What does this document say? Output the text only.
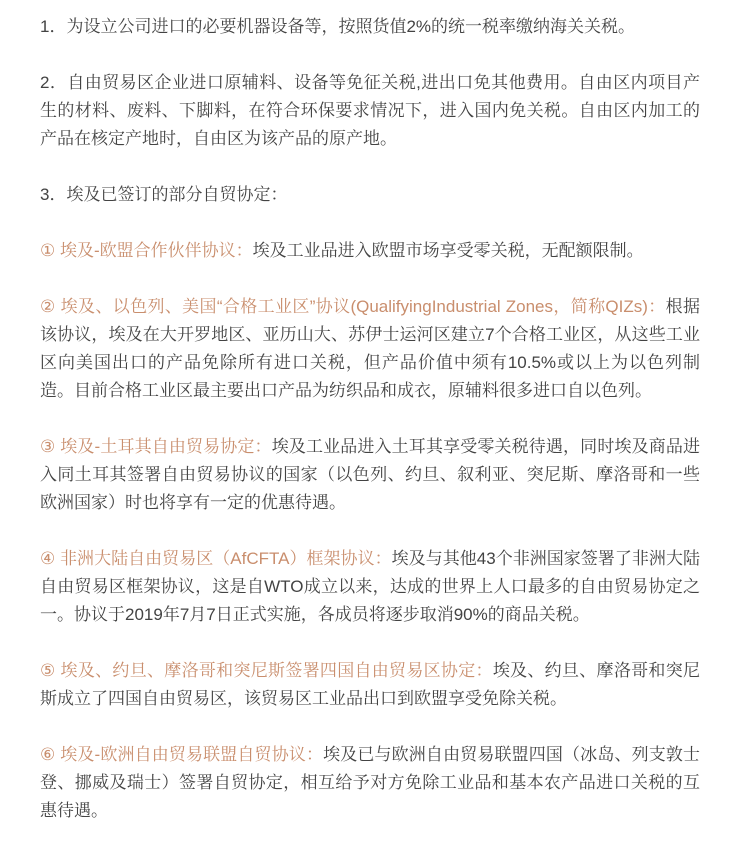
1．为设立公司进口的必要机器设备等，按照货值2%的统一税率缴纳海关关税。

2．自由贸易区企业进口原辅料、设备等免征关税,进出口免其他费用。自由区内项目产生的材料、废料、下脚料，在符合环保要求情况下，进入国内免关税。自由区内加工的产品在核定产地时，自由区为该产品的原产地。

3．埃及已签订的部分自贸协定：

① 埃及-欧盟合作伙伴协议：埃及工业品进入欧盟市场享受零关税，无配额限制。

② 埃及、以色列、美国“合格工业区”协议(QualifyingIndustrial Zones，简称QIZs)：根据该协议，埃及在大开罗地区、亚历山大、苏伊士运河区建立7个合格工业区，从这些工业区向美国出口的产品免除所有进口关税，但产品价值中须有10.5%或以上为以色列制造。目前合格工业区最主要出口产品为纺织品和成衣，原辅料很多进口自以色列。

③ 埃及-土耳其自由贸易协定：埃及工业品进入土耳其享受零关税待遇，同时埃及商品进入同土耳其签署自由贸易协议的国家（以色列、约旦、叙利亚、突尼斯、摩洛哥和一些欧洲国家）时也将享有一定的优惠待遇。

④ 非洲大陆自由贸易区（AfCFTA）框架协议：埃及与其他43个非洲国家签署了非洲大陆自由贸易区框架协议，这是自WTO成立以来，达成的世界上人口最多的自由贸易协定之一。协议于2019年7月7日正式实施，各成员将逐步取消90%的商品关税。

⑤ 埃及、约旦、摩洛哥和突尼斯签署四国自由贸易区协定：埃及、约旦、摩洛哥和突尼斯成立了四国自由贸易区，该贸易区工业品出口到欧盟享受免除关税。

⑥ 埃及-欧洲自由贸易联盟自贸协议：埃及已与欧洲自由贸易联盟四国（冰岛、列支敦士登、挪威及瑞士）签署自贸协定，相互给予对方免除工业品和基本农产品进口关税的互惠待遇。
